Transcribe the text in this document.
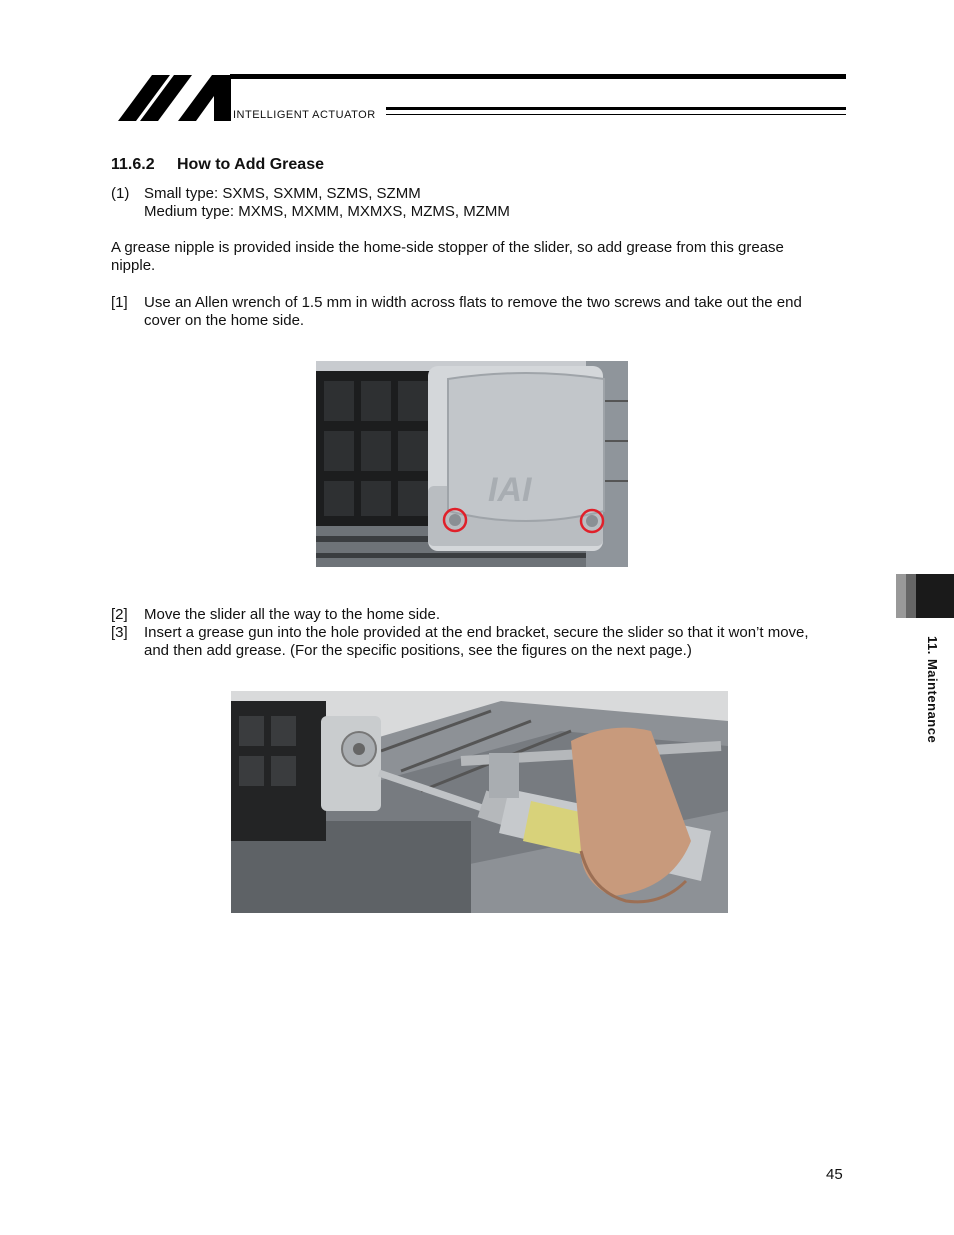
INTELLIGENT ACTUATOR
11.6.2 How to Add Grease
(1) Small type: SXMS, SXMM, SZMS, SZMM
Medium type: MXMS, MXMM, MXMXS, MZMS, MZMM
A grease nipple is provided inside the home-side stopper of the slider, so add grease from this grease
nipple.
[1] Use an Allen wrench of 1.5 mm in width across flats to remove the two screws and take out the end
cover on the home side.
IAI
[2] Move the slider all the way to the home side.
[3] Insert a grease gun into the hole provided at the end bracket, secure the slider so that it won’t move,
and then add grease. (For the specific positions, see the figures on the next page.)	11. Maintenance
45
